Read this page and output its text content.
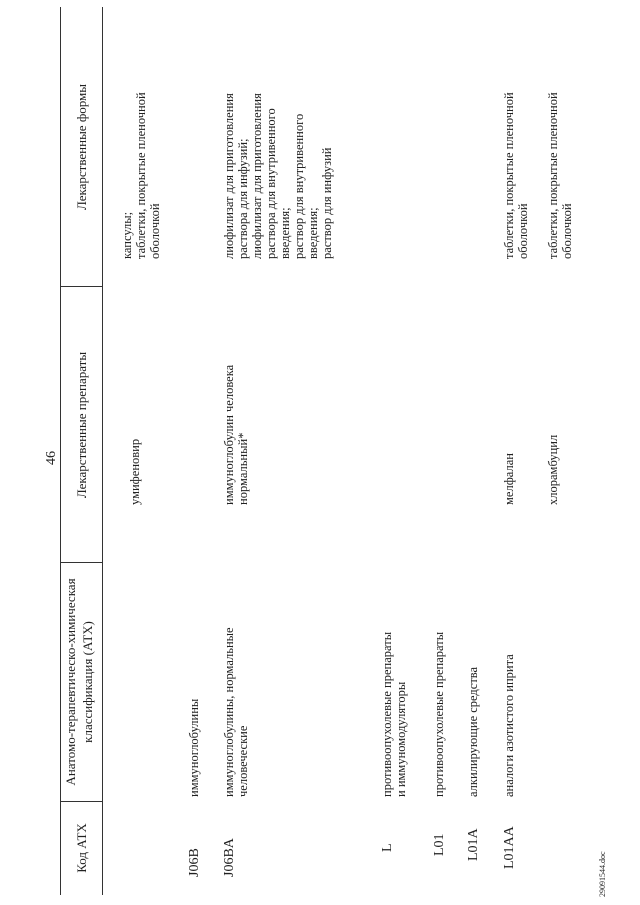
46
Код АТХ
Анатомо-терапевтическо-химическая классификация (АТХ)
Лекарственные препараты
Лекарственные формы
умифеновир
капсулы; таблетки, покрытые пленочной оболочкой
J06B
иммуноглобулины
J06BA
иммуноглобулины, нормальные человеческие
иммуноглобулин человека нормальный*
лиофилизат для приготовления раствора для инфузий; лиофилизат для приготовления раствора для внутривенного введения; раствор для внутривенного введения; раствор для инфузий
L
противоопухолевые препараты и иммуномодуляторы
L01
противоопухолевые препараты
L01A
алкилирующие средства
L01AA
аналоги азотистого иприта
мелфалан
таблетки, покрытые пленочной оболочкой
хлорамбуцил
таблетки, покрытые пленочной оболочкой
29091544.doc
